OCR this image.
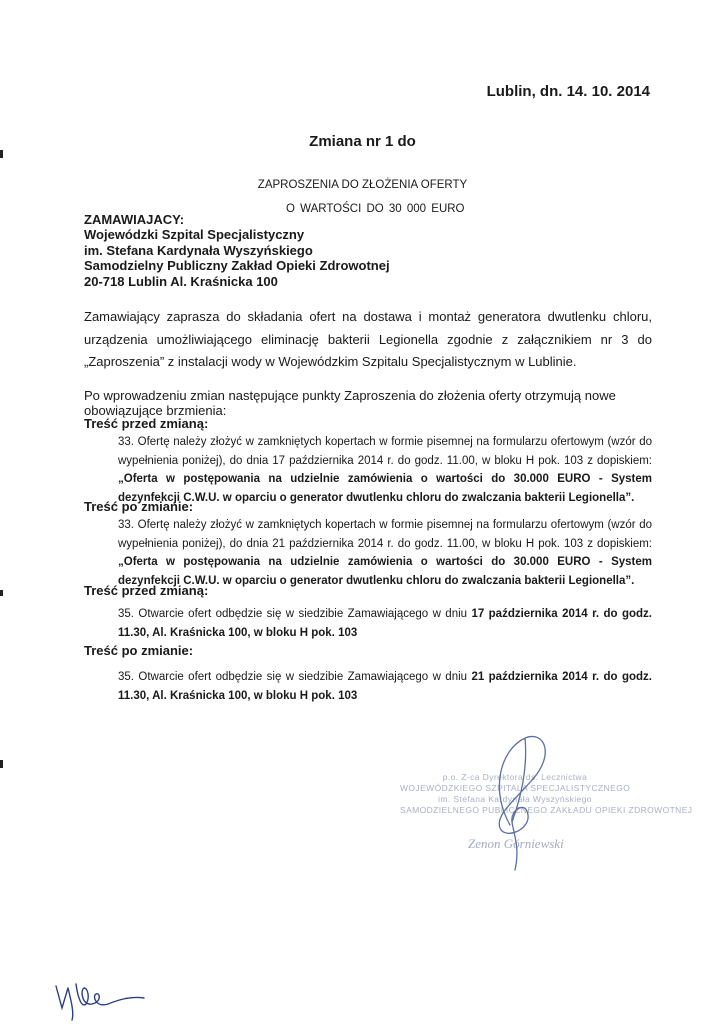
Lublin, dn. 14. 10. 2014
Zmiana nr 1 do
ZAPROSZENIA DO ZŁOŻENIA OFERTY
O WARTOŚCI DO 30 000 EURO
ZAMAWIAJACY:
Wojewódzki Szpital Specjalistyczny
im. Stefana Kardynała Wyszyńskiego
Samodzielny Publiczny Zakład Opieki Zdrowotnej
20-718 Lublin Al. Kraśnicka 100
Zamawiający zaprasza do składania ofert na dostawa i montaż generatora dwutlenku chloru, urządzenia umożliwiającego eliminację bakterii Legionella zgodnie z załącznikiem nr 3 do „Zaproszenia” z instalacji wody w Wojewódzkim Szpitalu Specjalistycznym w Lublinie.
Po wprowadzeniu zmian następujące punkty Zaproszenia do złożenia oferty otrzymują nowe obowiązujące brzmienia:
Treść przed zmianą:
33. Ofertę należy złożyć w zamkniętych kopertach w formie pisemnej na formularzu ofertowym (wzór do wypełnienia poniżej), do dnia 17 października 2014 r. do godz. 11.00, w bloku H pok. 103 z dopiskiem: „Oferta w postępowania na udzielnie zamówienia o wartości do 30.000 EURO - System dezynfekcji C.W.U. w oparciu o generator dwutlenku chloru do zwalczania bakterii Legionella”.
Treść po zmianie:
33. Ofertę należy złożyć w zamkniętych kopertach w formie pisemnej na formularzu ofertowym (wzór do wypełnienia poniżej), do dnia 21 października 2014 r. do godz. 11.00, w bloku H pok. 103 z dopiskiem: „Oferta w postępowania na udzielnie zamówienia o wartości do 30.000 EURO - System dezynfekcji C.W.U. w oparciu o generator dwutlenku chloru do zwalczania bakterii Legionella”.
Treść przed zmianą:
35. Otwarcie ofert odbędzie się w siedzibie Zamawiającego w dniu 17 października 2014 r. do godz. 11.30, Al. Kraśnicka 100, w bloku H pok. 103
Treść po zmianie:
35. Otwarcie ofert odbędzie się w siedzibie Zamawiającego w dniu 21 października 2014 r. do godz. 11.30, Al. Kraśnicka 100, w bloku H pok. 103
p.o. Z-ca Dyrektora ds. Lecznictwa
WOJEWÓDZKIEGO SZPITALA SPECJALISTYCZNEGO
im. Stefana Kardynała Wyszyńskiego
SAMODZIELNEGO PUBLICZNEGO ZAKŁADU OPIEKI ZDROWOTNEJ
Zenon Górniewski
